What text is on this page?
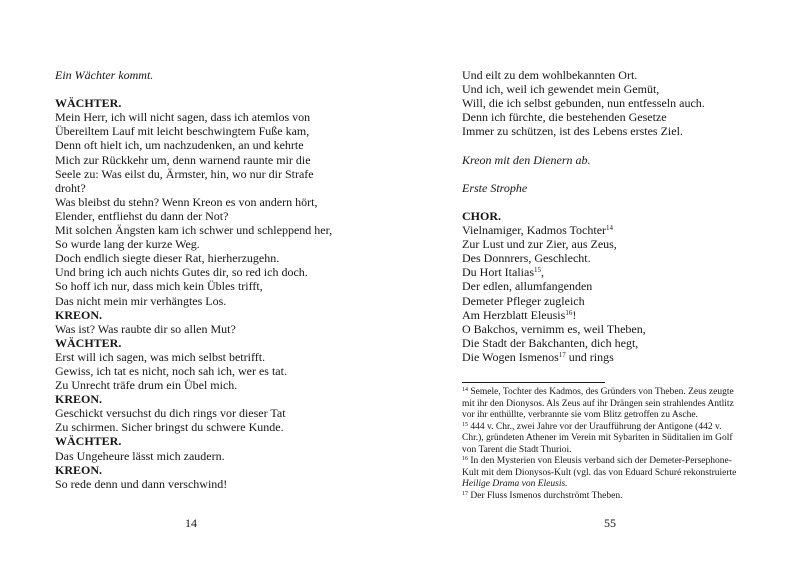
Ein Wächter kommt.

WÄCHTER.
Mein Herr, ich will nicht sagen, dass ich atemlos von
Übereiltem Lauf mit leicht beschwingtem Fuße kam,
Denn oft hielt ich, um nachzudenken, an und kehrte
Mich zur Rückkehr um, denn warnend raunte mir die
Seele zu: Was eilst du, Ärmster, hin, wo nur dir Strafe
droht?
Was bleibst du stehn? Wenn Kreon es von andern hört,
Elender, entfliehst du dann der Not?
Mit solchen Ängsten kam ich schwer und schleppend her,
So wurde lang der kurze Weg.
Doch endlich siegte dieser Rat, hierherzugehn.
Und bring ich auch nichts Gutes dir, so red ich doch.
So hoff ich nur, dass mich kein Übles trifft,
Das nicht mein mir verhängtes Los.
KREON.
Was ist? Was raubte dir so allen Mut?
WÄCHTER.
Erst will ich sagen, was mich selbst betrifft.
Gewiss, ich tat es nicht, noch sah ich, wer es tat.
Zu Unrecht träfe drum ein Übel mich.
KREON.
Geschickt versuchst du dich rings vor dieser Tat
Zu schirmen. Sicher bringst du schwere Kunde.
WÄCHTER.
Das Ungeheure lässt mich zaudern.
KREON.
So rede denn und dann verschwind!
Und eilt zu dem wohlbekannten Ort.
Und ich, weil ich gewendet mein Gemüt,
Will, die ich selbst gebunden, nun entfesseln auch.
Denn ich fürchte, die bestehenden Gesetze
Immer zu schützen, ist des Lebens erstes Ziel.

Kreon mit den Dienern ab.

Erste Strophe

CHOR.
Vielnamiger, Kadmos Tochter$^{14}$
Zur Lust und zur Zier, aus Zeus,
Des Donnrers, Geschlecht.
Du Hort Italias$^{15}$,
Der edlen, allumfangenden
Demeter Pfleger zugleich
Am Herzblatt Eleusis$^{16}$!
O Bakchos, vernimm es, weil Theben,
Die Stadt der Bakchanten, dich hegt,
Die Wogen Ismenos$^{17}$ und rings
$^{14}$ Semele, Tochter des Kadmos, des Gründers von Theben. Zeus zeugte
mit ihr den Dionysos. Als Zeus auf ihr Drängen sein strahlendes Antlitz
vor ihr enthüllte, verbrannte sie vom Blitz getroffen zu Asche.
$^{15}$ 444 v. Chr., zwei Jahre vor der Uraufführung der Antigone (442 v.
Chr.), gründeten Athener im Verein mit Sybariten in Süditalien im Golf
von Tarent die Stadt Thurioi.
$^{16}$ In den Mysterien von Eleusis verband sich der Demeter-Persephone-
Kult mit dem Dionysos-Kult (vgl. das von Eduard Schuré rekonstruierte
Heilige Drama von Eleusis.
$^{17}$ Der Fluss Ismenos durchströmt Theben.
14	55
